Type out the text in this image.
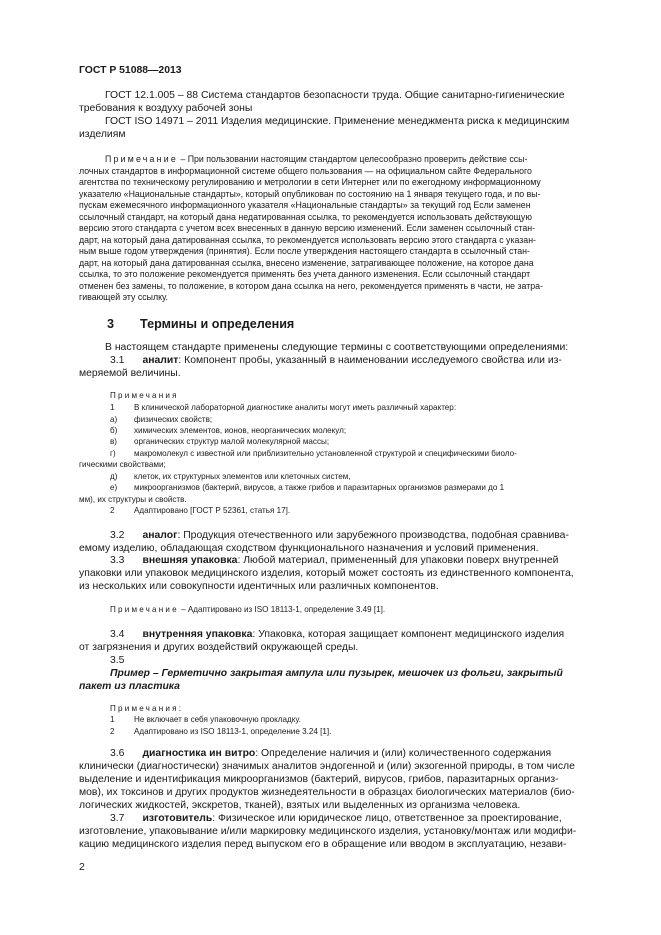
ГОСТ Р 51088—2013
ГОСТ 12.1.005 – 88 Система стандартов безопасности труда. Общие санитарно-гигиенические
требования к воздуху рабочей зоны
ГОСТ ISO 14971 – 2011 Изделия медицинские. Применение менеджмента риска к медицинским
изделиям
Примечание – При пользовании настоящим стандартом целесообразно проверить действие ссы-
лочных стандартов в информационной системе общего пользования — на официальном сайте Федерального
агентства по техническому регулированию и метрологии в сети Интернет или по ежегодному информационному
указателю «Национальные стандарты», который опубликован по состоянию на 1 января текущего года, и по вы-
пускам ежемесячного информационного указателя «Национальные стандарты» за текущий год Если заменен
ссылочный стандарт, на который дана недатированная ссылка, то рекомендуется использовать действующую
версию этого стандарта с учетом всех внесенных в данную версию изменений. Если заменен ссылочный стан-
дарт, на который дана датированная ссылка, то рекомендуется использовать версию этого стандарта с указан-
ным выше годом утверждения (принятия). Если после утверждения настоящего стандарта в ссылочный стан-
дарт, на который дана датированная ссылка, внесено изменение, затрагивающее положение, на которое дана
ссылка, то это положение рекомендуется применять без учета данного изменения. Если ссылочный стандарт
отменен без замены, то положение, в котором дана ссылка на него, рекомендуется применять в части, не затра-
гивающей эту ссылку.
3	Термины и определения
В настоящем стандарте применены следующие термины с соответствующими определениями:
3.1 аналит: Компонент пробы, указанный в наименовании исследуемого свойства или из-
меряемой величины.
Примечания
1 В клинической лабораторной диагностике аналиты могут иметь различный характер:
а) физических свойств;
б) химических элементов, ионов, неорганических молекул;
в) органических структур малой молекулярной массы;
г) макромолекул с известной или приблизительно установленной структурой и специфическими биоло-
гическими свойствами;
д) клеток, их структурных элементов или клеточных систем,
е) микроорганизмов (бактерий, вирусов, а также грибов и паразитарных организмов размерами до 1
мм), их структуры и свойств.
2 Адаптировано [ГОСТ Р 52361, статья 17].
3.2 аналог: Продукция отечественного или зарубежного производства, подобная сравнива-
емому изделию, обладающая сходством функционального назначения и условий применения.
3.3 внешняя упаковка: Любой материал, примененный для упаковки поверх внутренней
упаковки или упаковок медицинского изделия, который может состоять из единственного компонента,
из нескольких или совокупности идентичных или различных компонентов.
Примечание – Адаптировано из ISO 18113-1, определение 3.49 [1].
3.4 внутренняя упаковка: Упаковка, которая защищает компонент медицинского изделия
от загрязнения и других воздействий окружающей среды.
3.5
Пример – Герметично закрытая ампула или пузырек, мешочек из фольги, закрытый
пакет из пластика
Примечания:
1 Не включает в себя упаковочную прокладку.
2 Адаптировано из ISO 18113-1, определение 3.24 [1].
3.6 диагностика ин витро: Определение наличия и (или) количественного содержания
клинически (диагностически) значимых аналитов эндогенной и (или) экзогенной природы, в том числе
выделение и идентификация микроорганизмов (бактерий, вирусов, грибов, паразитарных организ-
мов), их токсинов и других продуктов жизнедеятельности в образцах биологических материалов (био-
логических жидкостей, экскретов, тканей), взятых или выделенных из организма человека.
3.7 изготовитель: Физическое или юридическое лицо, ответственное за проектирование,
изготовление, упаковывание и/или маркировку медицинского изделия, установку/монтаж или модифи-
кацию медицинского изделия перед выпуском его в обращение или вводом в эксплуатацию, незави-
2
